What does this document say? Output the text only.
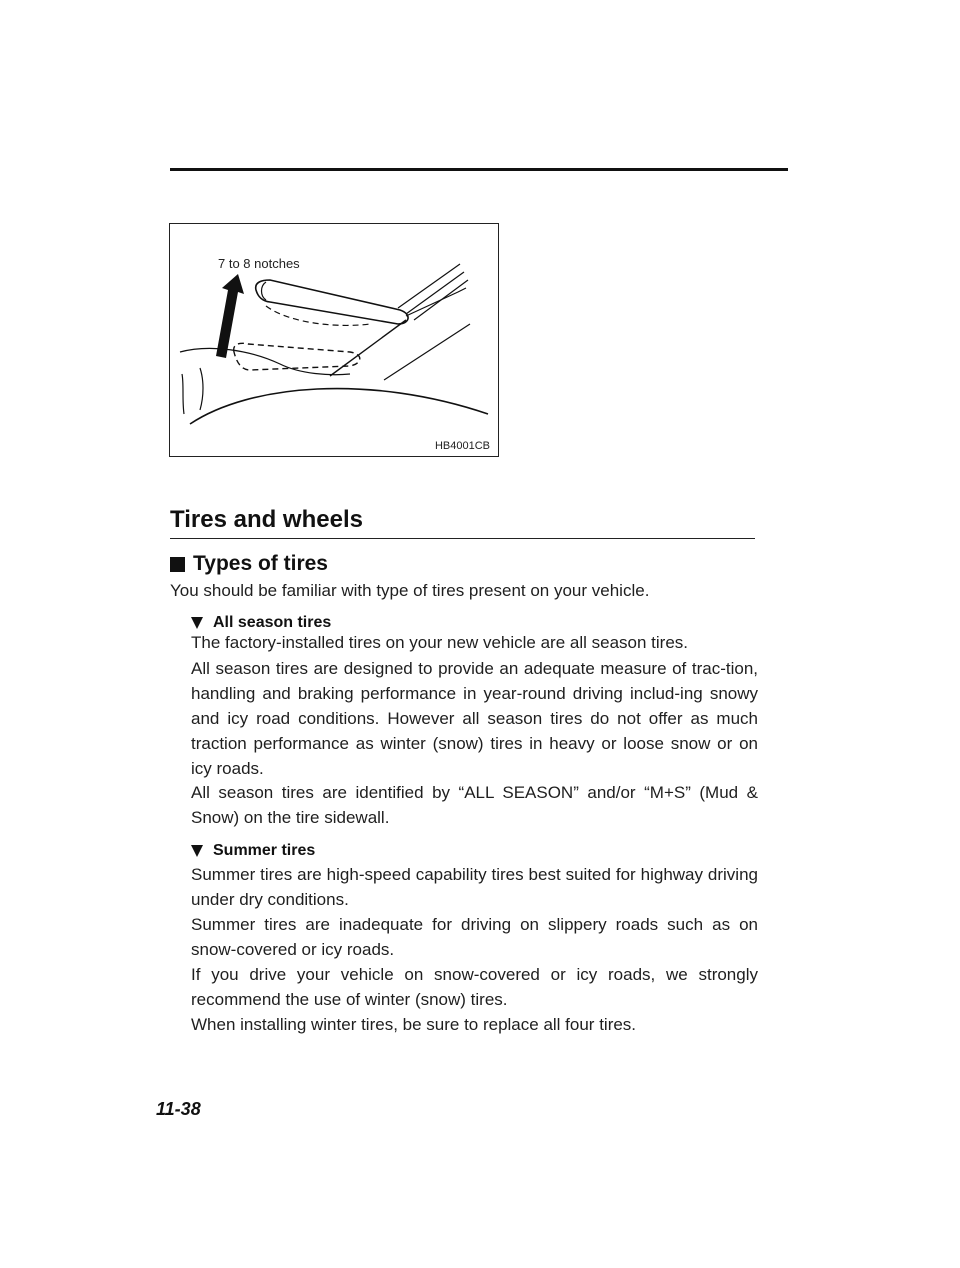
7 to 8 notches
HB4001CB
Tires and wheels
Types of tires

You should be familiar with type of tires present on your vehicle.

All season tires

The factory-installed tires on your new vehicle are all season tires.

All season tires are designed to provide an adequate measure of trac-tion, handling and braking performance in year-round driving includ-ing snowy and icy road conditions. However all season tires do not offer as much traction performance as winter (snow) tires in heavy or loose snow or on icy roads.

All season tires are identified by “ALL SEASON” and/or “M+S” (Mud & Snow) on the tire sidewall.

Summer tires

Summer tires are high-speed capability tires best suited for highway driving under dry conditions.

Summer tires are inadequate for driving on slippery roads such as on snow-covered or icy roads.

If you drive your vehicle on snow-covered or icy roads, we strongly recommend the use of winter (snow) tires.

When installing winter tires, be sure to replace all four tires.

11-38
